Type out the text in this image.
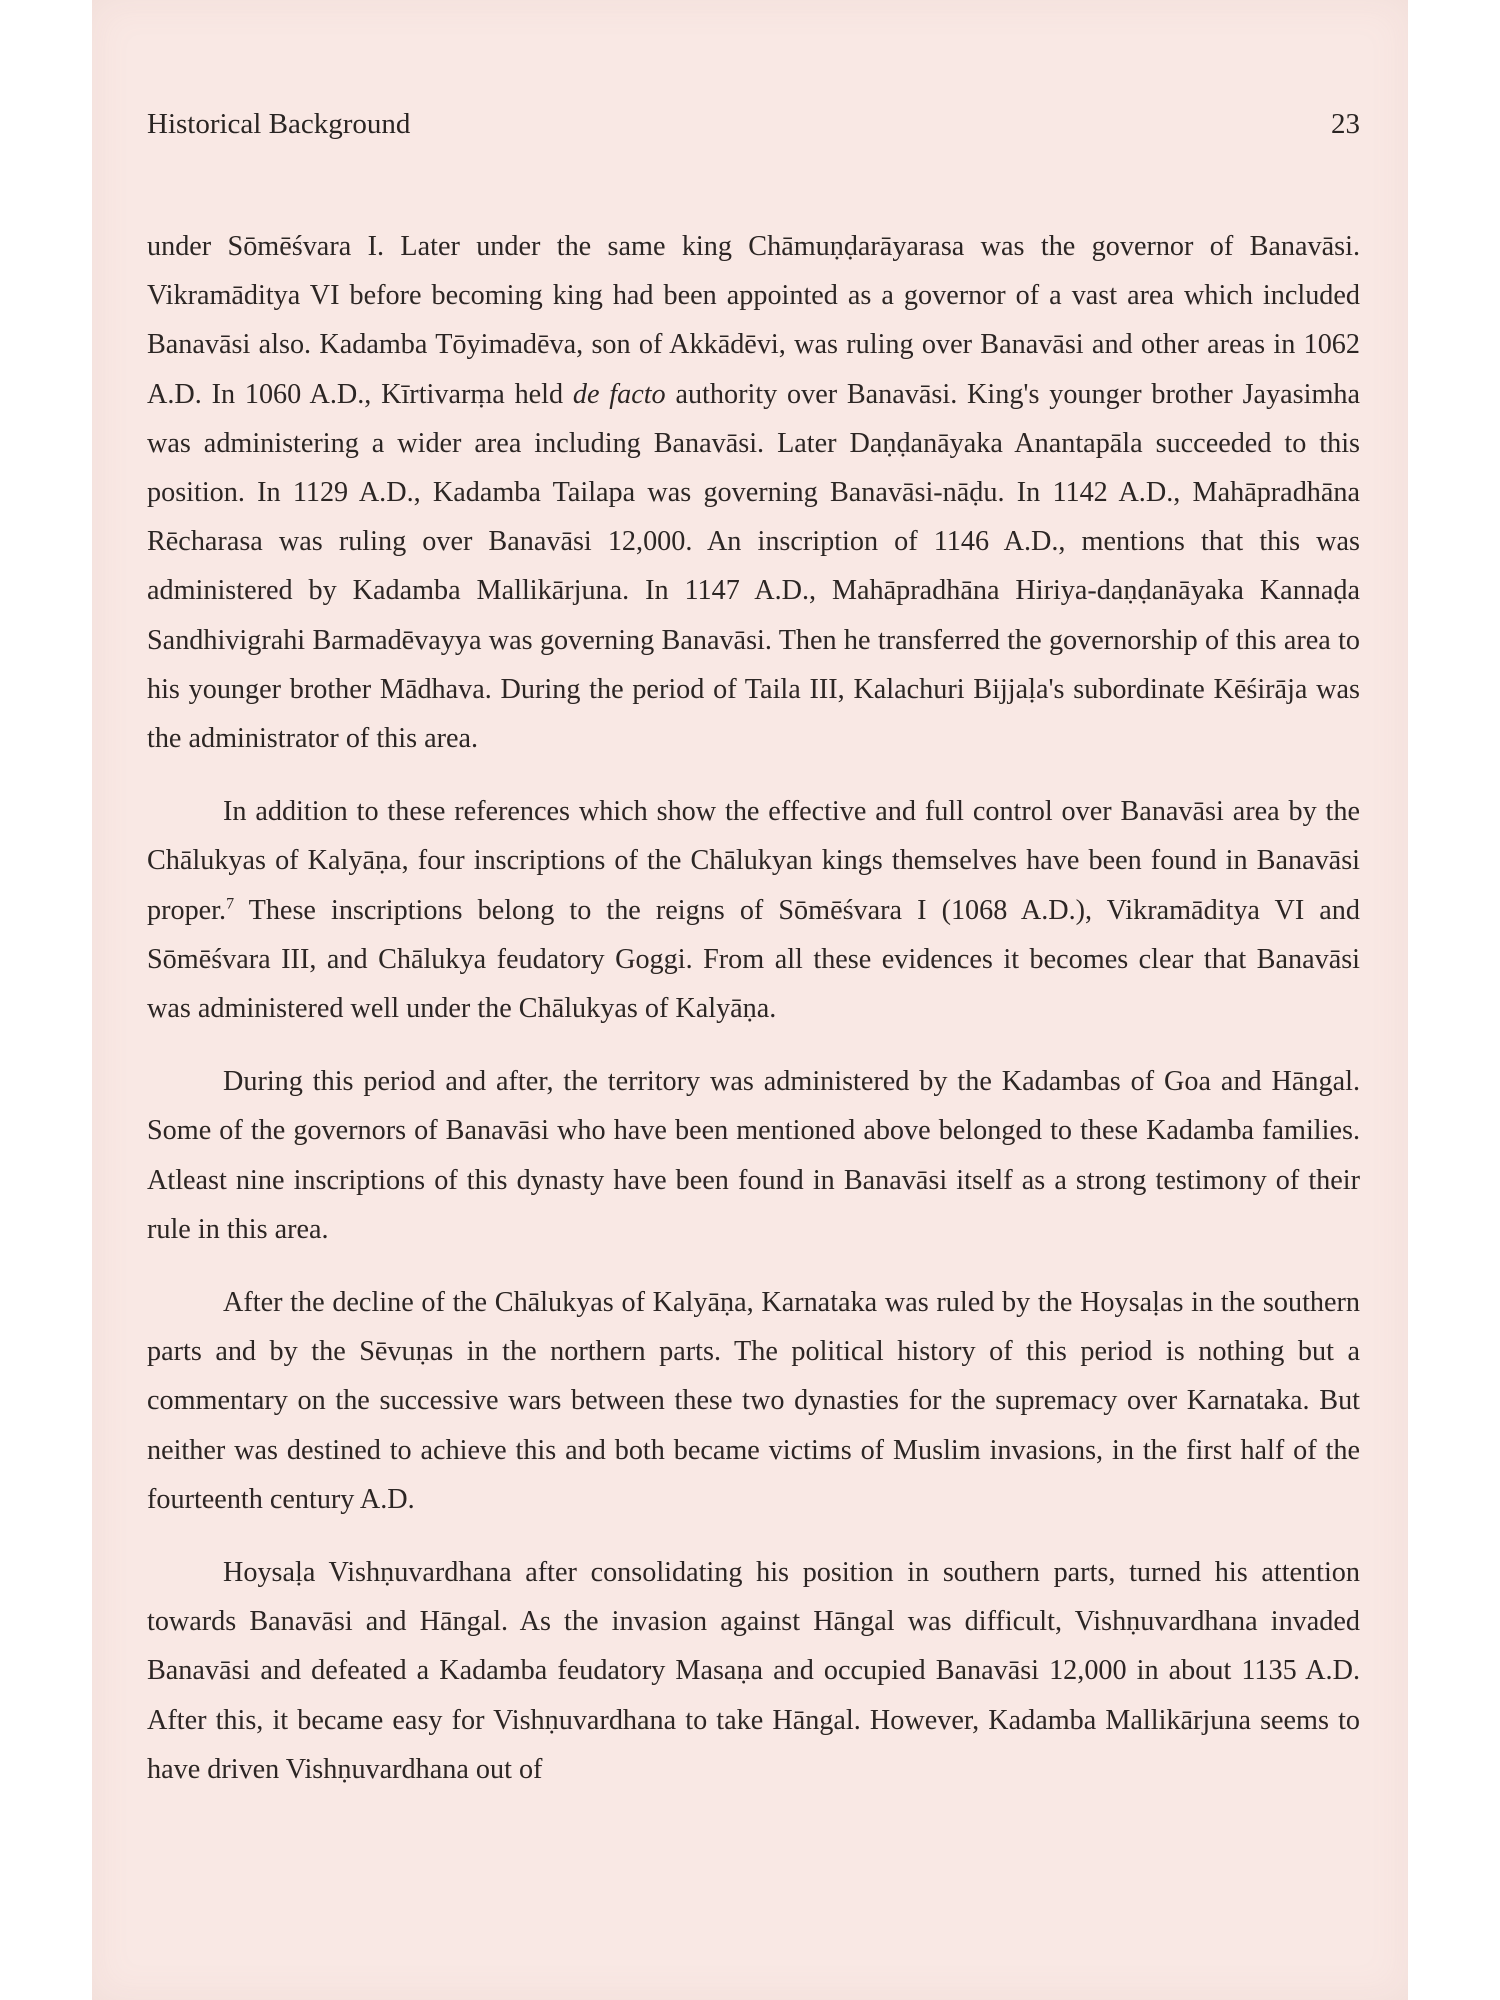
Historical Background	23

under Sōmēśvara I. Later under the same king Chāmuṇḍarāyarasa was the governor of Banavāsi. Vikramāditya VI before becoming king had been appointed as a governor of a vast area which included Banavāsi also. Kadamba Tōyimadēva, son of Akkādēvi, was ruling over Banavāsi and other areas in 1062 A.D. In 1060 A.D., Kīrtivarṃa held de facto authority over Banavāsi. King's younger brother Jayasimha was administering a wider area including Banavāsi. Later Daṇḍanāyaka Anantapāla succeeded to this position. In 1129 A.D., Kadamba Tailapa was governing Banavāsi-nāḍu. In 1142 A.D., Mahāpradhāna Rēcharasa was ruling over Banavāsi 12,000. An inscription of 1146 A.D., mentions that this was administered by Kadamba Mallikārjuna. In 1147 A.D., Mahāpradhāna Hiriya-daṇḍanāyaka Kannaḍa Sandhivigrahi Barmadēvayya was governing Banavāsi. Then he transferred the governorship of this area to his younger brother Mādhava. During the period of Taila III, Kalachuri Bijjaḷa's subordinate Kēśirāja was the administrator of this area.

In addition to these references which show the effective and full control over Banavāsi area by the Chālukyas of Kalyāṇa, four inscriptions of the Chālukyan kings themselves have been found in Banavāsi proper.$^7$ These inscriptions belong to the reigns of Sōmēśvara I (1068 A.D.), Vikramāditya VI and Sōmēśvara III, and Chālukya feudatory Goggi. From all these evidences it becomes clear that Banavāsi was administered well under the Chālukyas of Kalyāṇa.

During this period and after, the territory was administered by the Kadambas of Goa and Hāngal. Some of the governors of Banavāsi who have been mentioned above belonged to these Kadamba families. Atleast nine inscriptions of this dynasty have been found in Banavāsi itself as a strong testimony of their rule in this area.

After the decline of the Chālukyas of Kalyāṇa, Karnataka was ruled by the Hoysaḷas in the southern parts and by the Sēvuṇas in the northern parts. The political history of this period is nothing but a commentary on the successive wars between these two dynasties for the supremacy over Karnataka. But neither was destined to achieve this and both became victims of Muslim invasions, in the first half of the fourteenth century A.D.

Hoysaḷa Vishṇuvardhana after consolidating his position in southern parts, turned his attention towards Banavāsi and Hāngal. As the invasion against Hāngal was difficult, Vishṇuvardhana invaded Banavāsi and defeated a Kadamba feudatory Masaṇa and occupied Banavāsi 12,000 in about 1135 A.D. After this, it became easy for Vishṇuvardhana to take Hāngal. However, Kadamba Mallikārjuna seems to have driven Vishṇuvardhana out of
